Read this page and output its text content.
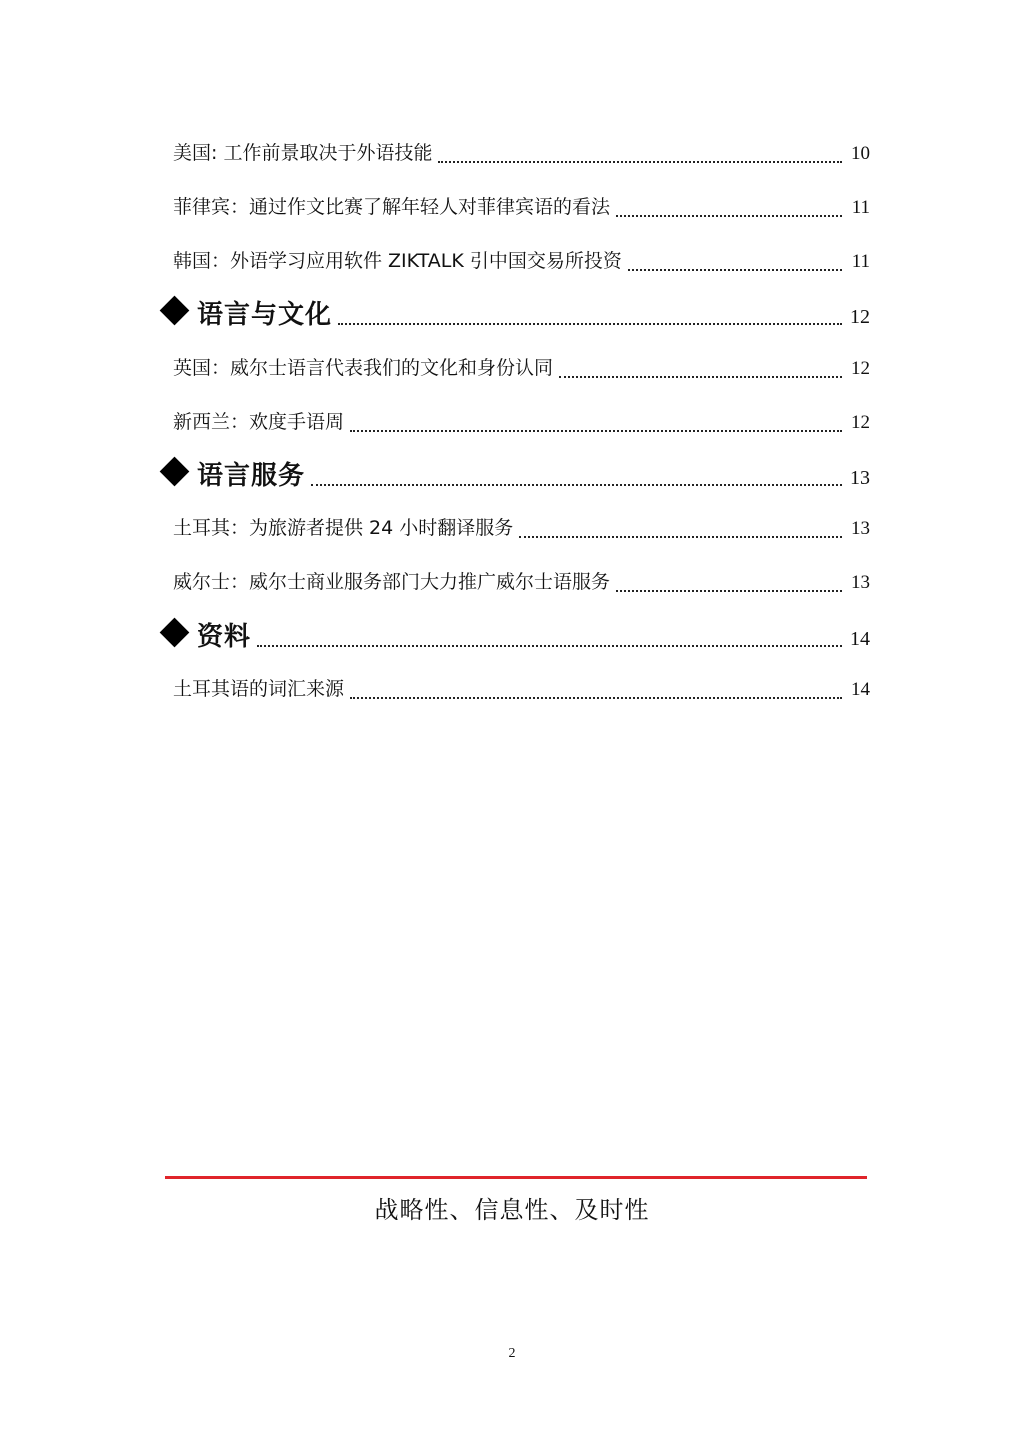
美国: 工作前景取决于外语技能	10
菲律宾：通过作文比赛了解年轻人对菲律宾语的看法	11
韩国：外语学习应用软件 ZIKTALK 引中国交易所投资	11
语言与文化	12
英国：威尔士语言代表我们的文化和身份认同	12
新西兰：欢度手语周	12
语言服务	13
土耳其：为旅游者提供 24 小时翻译服务	13
威尔士：威尔士商业服务部门大力推广威尔士语服务	13
资料	14
土耳其语的词汇来源	14
战略性、信息性、及时性
2
